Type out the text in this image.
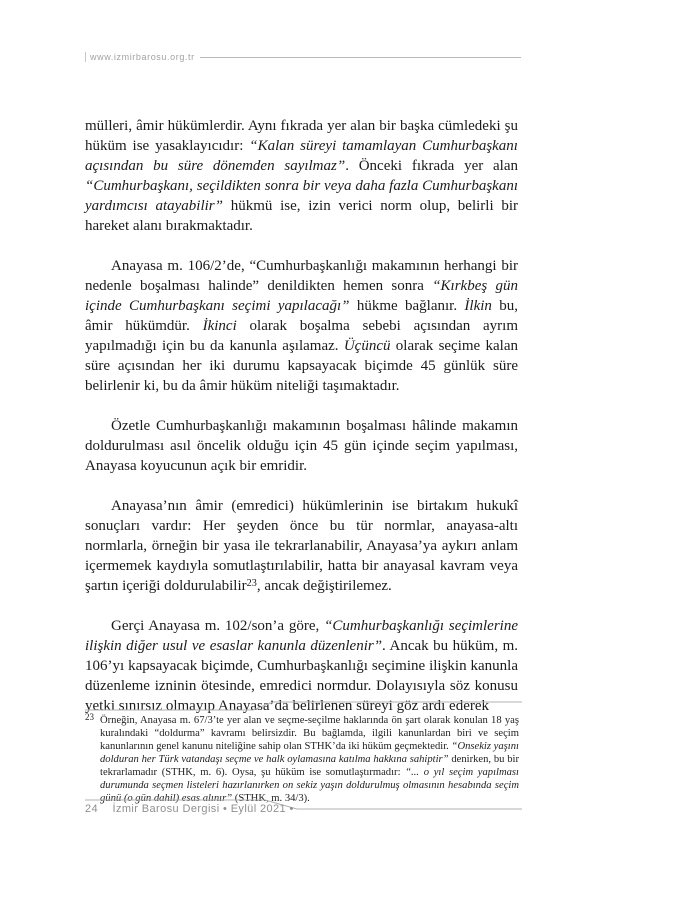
www.izmirbarosu.org.tr

mülleri, âmir hükümlerdir. Aynı fıkrada yer alan bir başka cümledeki şu hüküm ise yasaklayıcıdır: “Kalan süreyi tamamlayan Cumhurbaşkanı açısından bu süre dönemden sayılmaz”. Önceki fıkrada yer alan “Cumhurbaşkanı, seçildikten sonra bir veya daha fazla Cumhurbaşkanı yardımcısı atayabilir” hükmü ise, izin verici norm olup, belirli bir hareket alanı bırakmaktadır.

Anayasa m. 106/2’de, “Cumhurbaşkanlığı makamının herhangi bir nedenle boşalması halinde” denildikten hemen sonra “Kırkbeş gün içinde Cumhurbaşkanı seçimi yapılacağı” hükme bağlanır. İlkin bu, âmir hükümdür. İkinci olarak boşalma sebebi açısından ayrım yapılmadığı için bu da kanunla aşılamaz. Üçüncü olarak seçime kalan süre açısından her iki durumu kapsayacak biçimde 45 günlük süre belirlenir ki, bu da âmir hüküm niteliği taşımaktadır.

Özetle Cumhurbaşkanlığı makamının boşalması hâlinde makamın doldurulması asıl öncelik olduğu için 45 gün içinde seçim yapılması, Anayasa koyucunun açık bir emridir.

Anayasa’nın âmir (emredici) hükümlerinin ise birtakım hukukî sonuçları vardır: Her şeyden önce bu tür normlar, anayasa-altı normlarla, örneğin bir yasa ile tekrarlanabilir, Anayasa’ya aykırı anlam içermemek kaydıyla somutlaştırılabilir, hatta bir anayasal kavram veya şartın içeriği doldurulabilir$^{23}$, ancak değiştirilemez.

Gerçi Anayasa m. 102/son’a göre, “Cumhurbaşkanlığı seçimlerine ilişkin diğer usul ve esaslar kanunla düzenlenir”. Ancak bu hüküm, m. 106’yı kapsayacak biçimde, Cumhurbaşkanlığı seçimine ilişkin kanunla düzenleme izninin ötesinde, emredici normdur. Dolayısıyla söz konusu yetki sınırsız olmayıp Anayasa’da belirlenen süreyi göz ardı ederek

23 Örneğin, Anayasa m. 67/3’te yer alan ve seçme-seçilme haklarında ön şart olarak konulan 18 yaş kuralındaki “doldurma” kavramı belirsizdir. Bu bağlamda, ilgili kanunlardan biri ve seçim kanunlarının genel kanunu niteliğine sahip olan STHK’da iki hüküm geçmektedir. “Onsekiz yaşını dolduran her Türk vatandaşı seçme ve halk oylamasına katılma hakkına sahiptir” denirken, bu bir tekrarlamadır (STHK, m. 6). Oysa, şu hüküm ise somutlaştırmadır: “... o yıl seçim yapılması durumunda seçmen listeleri hazırlanırken on sekiz yaşın doldurulmuş olmasının hesabında seçim günü (o gün dahil) esas alınır” (STHK, m. 34/3).
24 İzmir Barosu Dergisi • Eylül 2021 •
